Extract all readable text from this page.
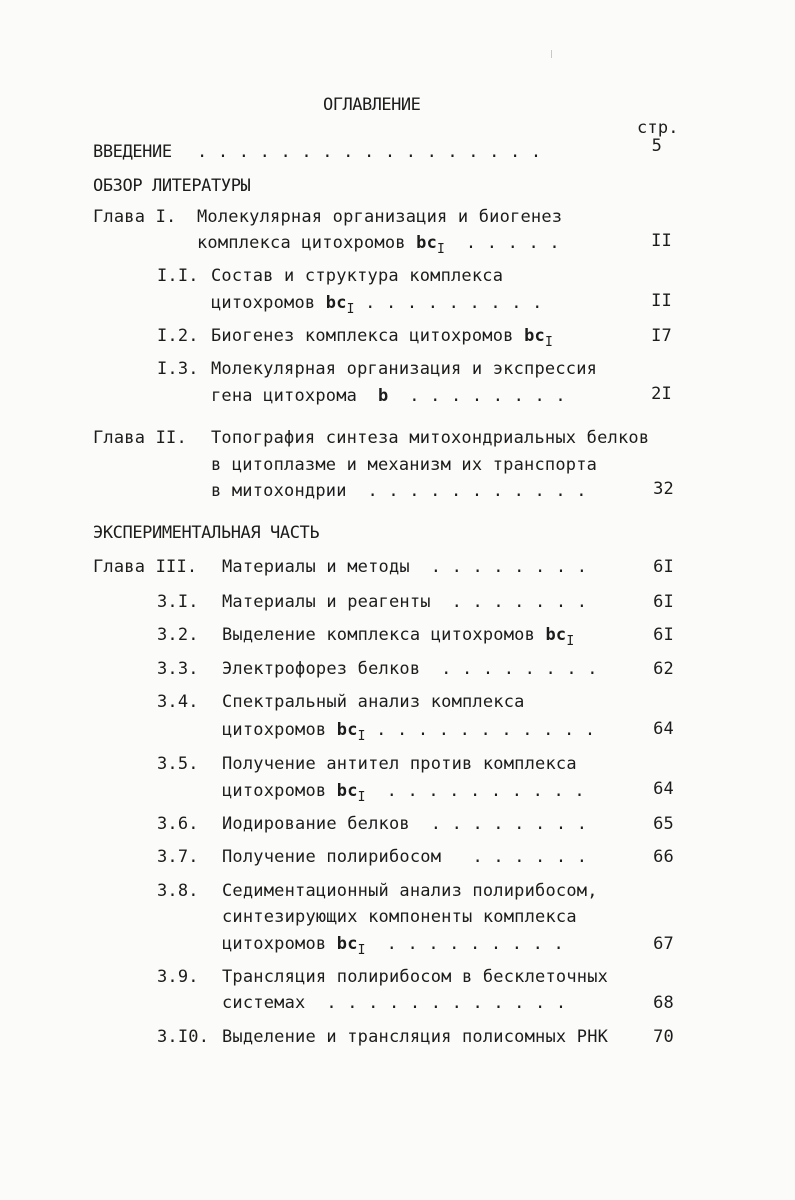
ОГЛАВЛЕНИЕ
стр.
ВВЕДЕНИЕ . . . . . . . . . . . . . . . . .	5
ОБЗОР ЛИТЕРАТУРЫ
Глава I. Молекулярная организация и биогенез
комплекса цитохромов $bc_I$ . . . . .	II
I.I. Состав и структура комплекса
цитохромов $bc_I$ . . . . . . . . .	II
I.2. Биогенез комплекса цитохромов $bc_I$	I7
I.3. Молекулярная организация и экспрессия
гена цитохрома b . . . . . . . .	2I
Глава II. Топография синтеза митохондриальных белков
в цитоплазме и механизм их транспорта
в митохондрии . . . . . . . . . . .	32
ЭКСПЕРИМЕНТАЛЬНАЯ ЧАСТЬ
Глава III. Материалы и методы . . . . . . . .	6I
3.I. Материалы и реагенты . . . . . . .	6I
3.2. Выделение комплекса цитохромов $bc_I$	6I
3.3. Электрофорез белков . . . . . . . .	62
3.4. Спектральный анализ комплекса
цитохромов $bc_I$ . . . . . . . . . . .	64
3.5. Получение антител против комплекса
цитохромов $bc_I$ . . . . . . . . . .	64
3.6. Иодирование белков . . . . . . . .	65
3.7. Получение полирибосом . . . . . .	66
3.8. Седиментационный анализ полирибосом,
синтезирующих компоненты комплекса
цитохромов $bc_I$ . . . . . . . . .	67
3.9. Трансляция полирибосом в бесклеточных
системах . . . . . . . . . . . .	68
3.I0. Выделение и трансляция полисомных РНК	70
